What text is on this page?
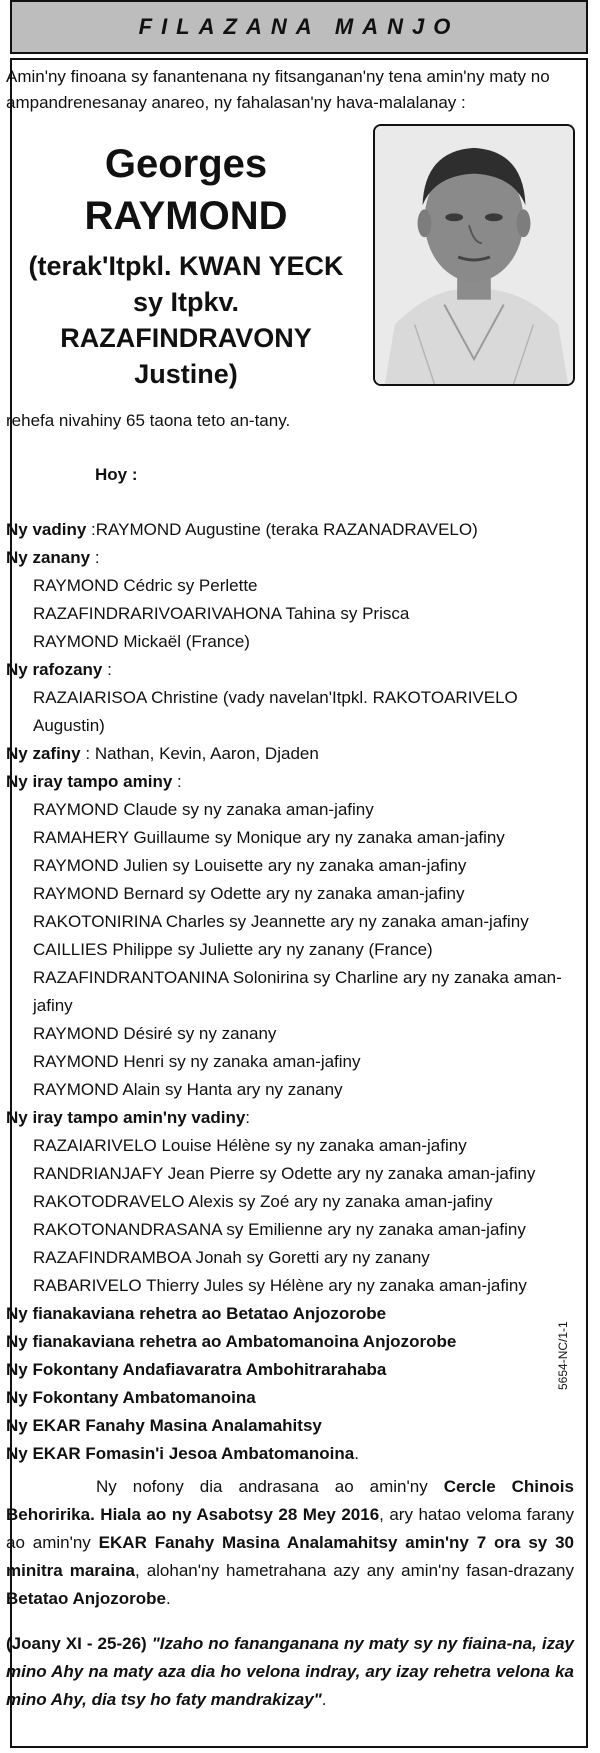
FILAZANA MANJO
Amin'ny finoana sy fanantenana ny fitsanganan'ny tena amin'ny maty no ampandrenesanay anareo, ny fahalasan'ny hava-malalanay :
Georges
RAYMOND
(terak'Itpkl. KWAN YECK
sy Itpkv. RAZAFINDRAVONY
Justine)
rehefa nivahiny 65 taona teto an-tany.
Hoy :
Ny vadiny :RAYMOND Augustine (teraka RAZANADRAVELO)
Ny zanany :
RAYMOND Cédric sy Perlette
RAZAFINDRARIVOARIVAHONA Tahina sy Prisca
RAYMOND Mickaël (France)
Ny rafozany :
RAZAIARISOA Christine (vady navelan'Itpkl. RAKOTOARIVELO Augustin)
Ny zafiny : Nathan, Kevin, Aaron, Djaden
Ny iray tampo aminy :
RAYMOND Claude sy ny zanaka aman-jafiny
RAMAHERY Guillaume sy Monique ary ny zanaka aman-jafiny
RAYMOND Julien sy Louisette ary ny zanaka aman-jafiny
RAYMOND Bernard sy Odette ary ny zanaka aman-jafiny
RAKOTONIRINA Charles sy Jeannette ary ny zanaka aman-jafiny
CAILLIES Philippe sy Juliette ary ny zanany (France)
RAZAFINDRANTOANINA Solonirina sy Charline ary ny zanaka aman-jafiny
RAYMOND Désiré sy ny zanany
RAYMOND Henri sy ny zanaka aman-jafiny
RAYMOND Alain sy Hanta ary ny zanany
Ny iray tampo amin'ny vadiny:
RAZAIARIVELO Louise Hélène sy ny zanaka aman-jafiny
RANDRIANJAFY Jean Pierre sy Odette ary ny zanaka aman-jafiny
RAKOTODRAVELO Alexis sy Zoé ary ny zanaka aman-jafiny
RAKOTONANDRASANA sy Emilienne ary ny zanaka aman-jafiny
RAZAFINDRAMBOA Jonah sy Goretti ary ny zanany
RABARIVELO Thierry Jules sy Hélène ary ny zanaka aman-jafiny
Ny fianakaviana rehetra ao Betatao Anjozorobe
Ny fianakaviana rehetra ao Ambatomanoina Anjozorobe
Ny Fokontany Andafiavaratra Ambohitrarahaba
Ny Fokontany Ambatomanoina
Ny EKAR Fanahy Masina Analamahitsy
Ny EKAR Fomasin'i Jesoa Ambatomanoina.
5654-NC/1-1
Ny nofony dia andrasana ao amin'ny Cercle Chinois Behoririka. Hiala ao ny Asabotsy 28 Mey 2016, ary hatao veloma farany ao amin'ny EKAR Fanahy Masina Analamahitsy amin'ny 7 ora sy 30 minitra maraina, alohan'ny hametrahana azy any amin'ny fasan-drazany Betatao Anjozorobe.
(Joany XI - 25-26) "Izaho no fananganana ny maty sy ny fiaina-na, izay mino Ahy na maty aza dia ho velona indray, ary izay rehetra velona ka mino Ahy, dia tsy ho faty mandrakizay".
